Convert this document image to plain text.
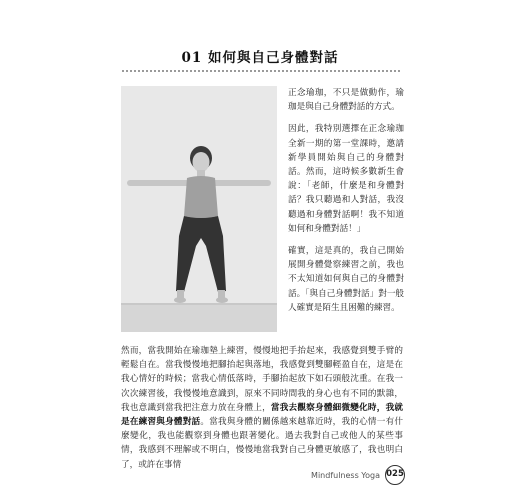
01 如何與自己身體對話

正念瑜珈，不只是做動作，瑜珈是與自己身體對話的方式。

因此，我特別選擇在正念瑜珈全新一期的第一堂課時，邀請新學員開始與自己的身體對話。然而，這時候多數新生會說：「老師，什麼是和身體對話？我只聽過和人對話，我沒聽過和身體對話啊！我不知道如何和身體對話！」

確實，這是真的，我自己開始展開身體覺察練習之前，我也不太知道如何與自己的身體對話。「與自己身體對話」對一般人確實是陌生且困難的練習。

然而，當我開始在瑜珈墊上練習，慢慢地把手抬起來，我感覺到雙手臂的輕鬆自在。當我慢慢地把腳抬起與落地，我感覺到雙腳輕盈自在，這是在我心情好的時候；當我心情低落時，手腳抬起放下如石頭般沈重。在我一次次練習後，我慢慢地意識到，原來不同時間我的身心也有不同的默雜，我也意識到當我把注意力放在身體上，當我去觀察身體細微變化時，我就是在練習與身體對話。當我與身體的關係越來越靠近時，我的心情一有什麼變化，我也能觀察到身體也跟著變化。過去我對自己或他人的某些事情，我感到不理解或不明白，慢慢地當我對自己身體更敏感了，我也明白了，或許在事情

Mindfulness Yoga 025
